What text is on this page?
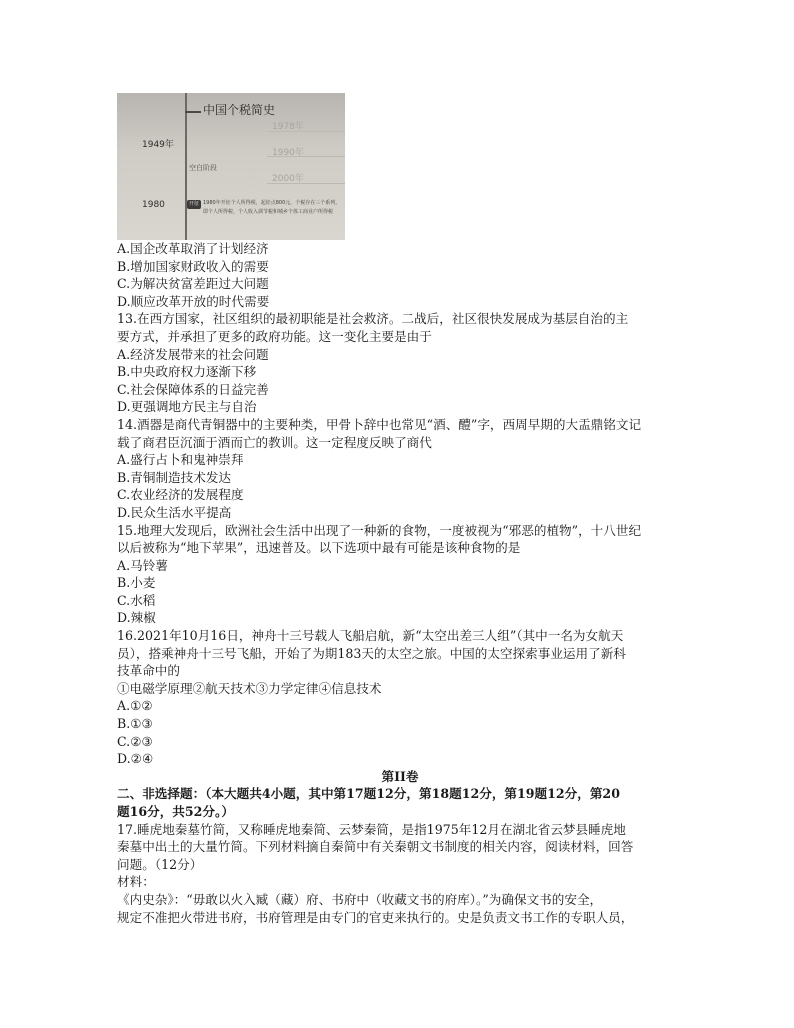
中国个税简史
1949年
空白阶段
1980	开征 1980年开征个人所得税，起征点800元。个税存在三个系列，即个人所得税、个人收入调节税和城乡个体工商业户所得税
1978年
1990年
2000年

A.国企改革取消了计划经济

B.增加国家财政收入的需要

C.为解决贫富差距过大问题

D.顺应改革开放的时代需要

13.在西方国家，社区组织的最初职能是社会救济。二战后，社区很快发展成为基层自治的主

要方式，并承担了更多的政府功能。这一变化主要是由于

A.经济发展带来的社会问题

B.中央政府权力逐渐下移

C.社会保障体系的日益完善

D.更强调地方民主与自治

14.酒器是商代青铜器中的主要种类，甲骨卜辞中也常见“酒、醴”字，西周早期的大盂鼎铭文记

载了商君臣沉湎于酒而亡的教训。这一定程度反映了商代

A.盛行占卜和鬼神崇拜

B.青铜制造技术发达

C.农业经济的发展程度

D.民众生活水平提高

15.地理大发现后，欧洲社会生活中出现了一种新的食物，一度被视为“邪恶的植物”，十八世纪

以后被称为“地下苹果”，迅速普及。以下选项中最有可能是该种食物的是

A.马铃薯

B.小麦

C.水稻

D.辣椒

16.2021年10月16日，神舟十三号载人飞船启航，新“太空出差三人组”（其中一名为女航天

员），搭乘神舟十三号飞船，开始了为期183天的太空之旅。中国的太空探索事业运用了新科

技革命中的

①电磁学原理②航天技术③力学定律④信息技术

A.①②

B.①③

C.②③

D.②④

第II卷

二、非选择题：（本大题共4小题，其中第17题12分，第18题12分，第19题12分，第20

题16分，共52分。）

17.睡虎地秦墓竹简，又称睡虎地秦简、云梦秦简，是指1975年12月在湖北省云梦县睡虎地

秦墓中出土的大量竹简。下列材料摘自秦简中有关秦朝文书制度的相关内容，阅读材料，回答

问题。（12分）

材料：

《内史杂》：“毋敢以火入臧（藏）府、书府中（收藏文书的府库）。”为确保文书的安全，

规定不准把火带进书府，书府管理是由专门的官吏来执行的。史是负责文书工作的专职人员，
